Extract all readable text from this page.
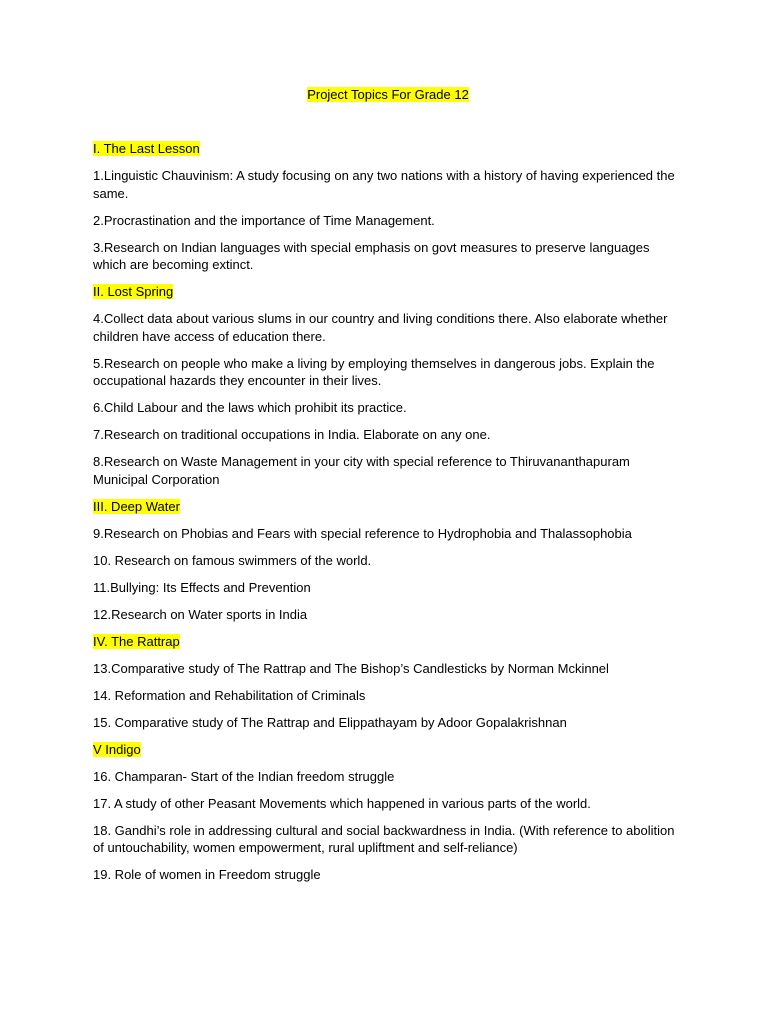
Project Topics For Grade 12
I. The Last Lesson
1.Linguistic Chauvinism: A study focusing on any two nations with a history of having experienced the same.
2.Procrastination and the importance of Time Management.
3.Research on Indian languages with special emphasis on govt measures to preserve languages which are becoming extinct.
II. Lost Spring
4.Collect data about various slums in our country and living conditions there. Also elaborate whether children have access of education there.
5.Research on people who make a living by employing themselves in dangerous jobs. Explain the occupational hazards they encounter in their lives.
6.Child Labour and the laws which prohibit its practice.
7.Research on traditional occupations in India. Elaborate on any one.
8.Research on Waste Management in your city with special reference to Thiruvananthapuram Municipal Corporation
III. Deep Water
9.Research on Phobias and Fears with special reference to Hydrophobia and Thalassophobia
10. Research on famous swimmers of the world.
11.Bullying: Its Effects and Prevention
12.Research on Water sports in India
IV. The Rattrap
13.Comparative study of The Rattrap and The Bishop’s Candlesticks by Norman Mckinnel
14. Reformation and Rehabilitation of Criminals
15. Comparative study of The Rattrap and Elippathayam by Adoor Gopalakrishnan
V Indigo
16. Champaran- Start of the Indian freedom struggle
17. A study of other Peasant Movements which happened in various parts of the world.
18. Gandhi’s role in addressing cultural and social backwardness in India. (With reference to abolition of untouchability, women empowerment, rural upliftment and self-reliance)
19. Role of women in Freedom struggle
